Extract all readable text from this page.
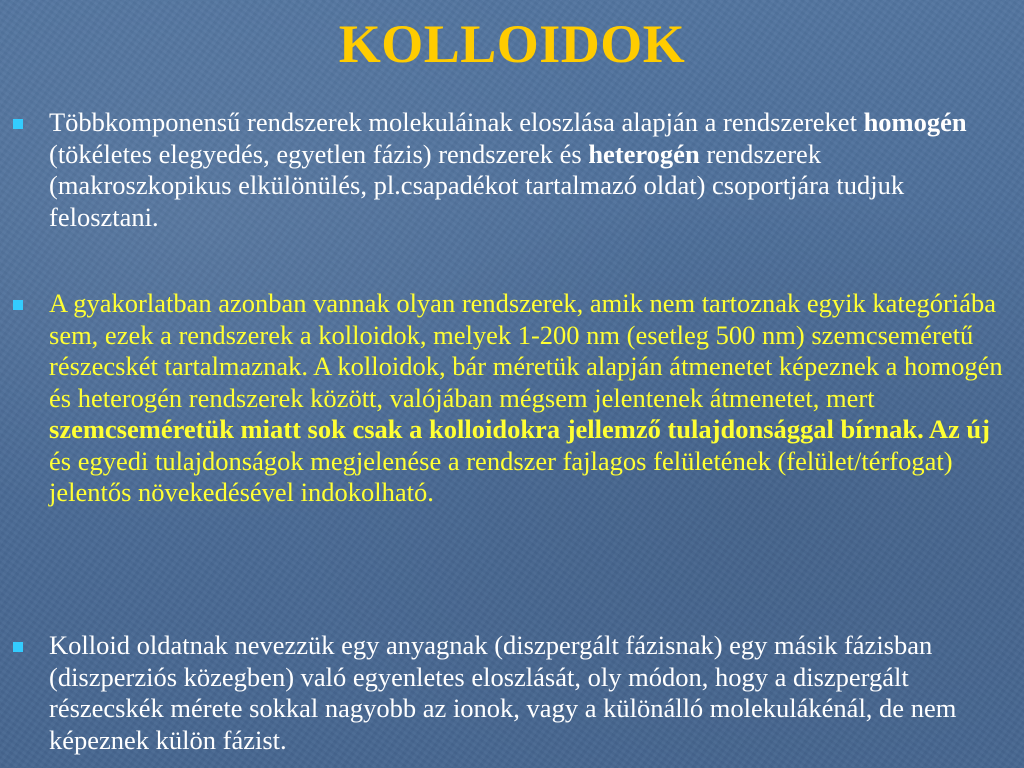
KOLLOIDOK
Többkomponensű rendszerek molekuláinak eloszlása alapján a rendszereket homogén (tökéletes elegyedés, egyetlen fázis) rendszerek és heterogén rendszerek (makroszkopikus elkülönülés, pl.csapadékot tartalmazó oldat) csoportjára tudjuk felosztani.
A gyakorlatban azonban vannak olyan rendszerek, amik nem tartoznak egyik kategóriába sem, ezek a rendszerek a kolloidok, melyek 1-200 nm (esetleg 500 nm) szemcseméretű részecskét tartalmaznak. A kolloidok, bár méretük alapján átmenetet képeznek a homogén és heterogén rendszerek között, valójában mégsem jelentenek átmenetet, mert szemcseméretük miatt sok csak a kolloidokra jellemző tulajdonsággal bírnak. Az új és egyedi tulajdonságok megjelenése a rendszer fajlagos felületének (felület/térfogat) jelentős növekedésével indokolható.
Kolloid oldatnak nevezzük egy anyagnak (diszpergált fázisnak) egy másik fázisban (diszperziós közegben) való egyenletes eloszlását, oly módon, hogy a diszpergált részecskék mérete sokkal nagyobb az ionok, vagy a különálló molekulákénál, de nem képeznek külön fázist.
